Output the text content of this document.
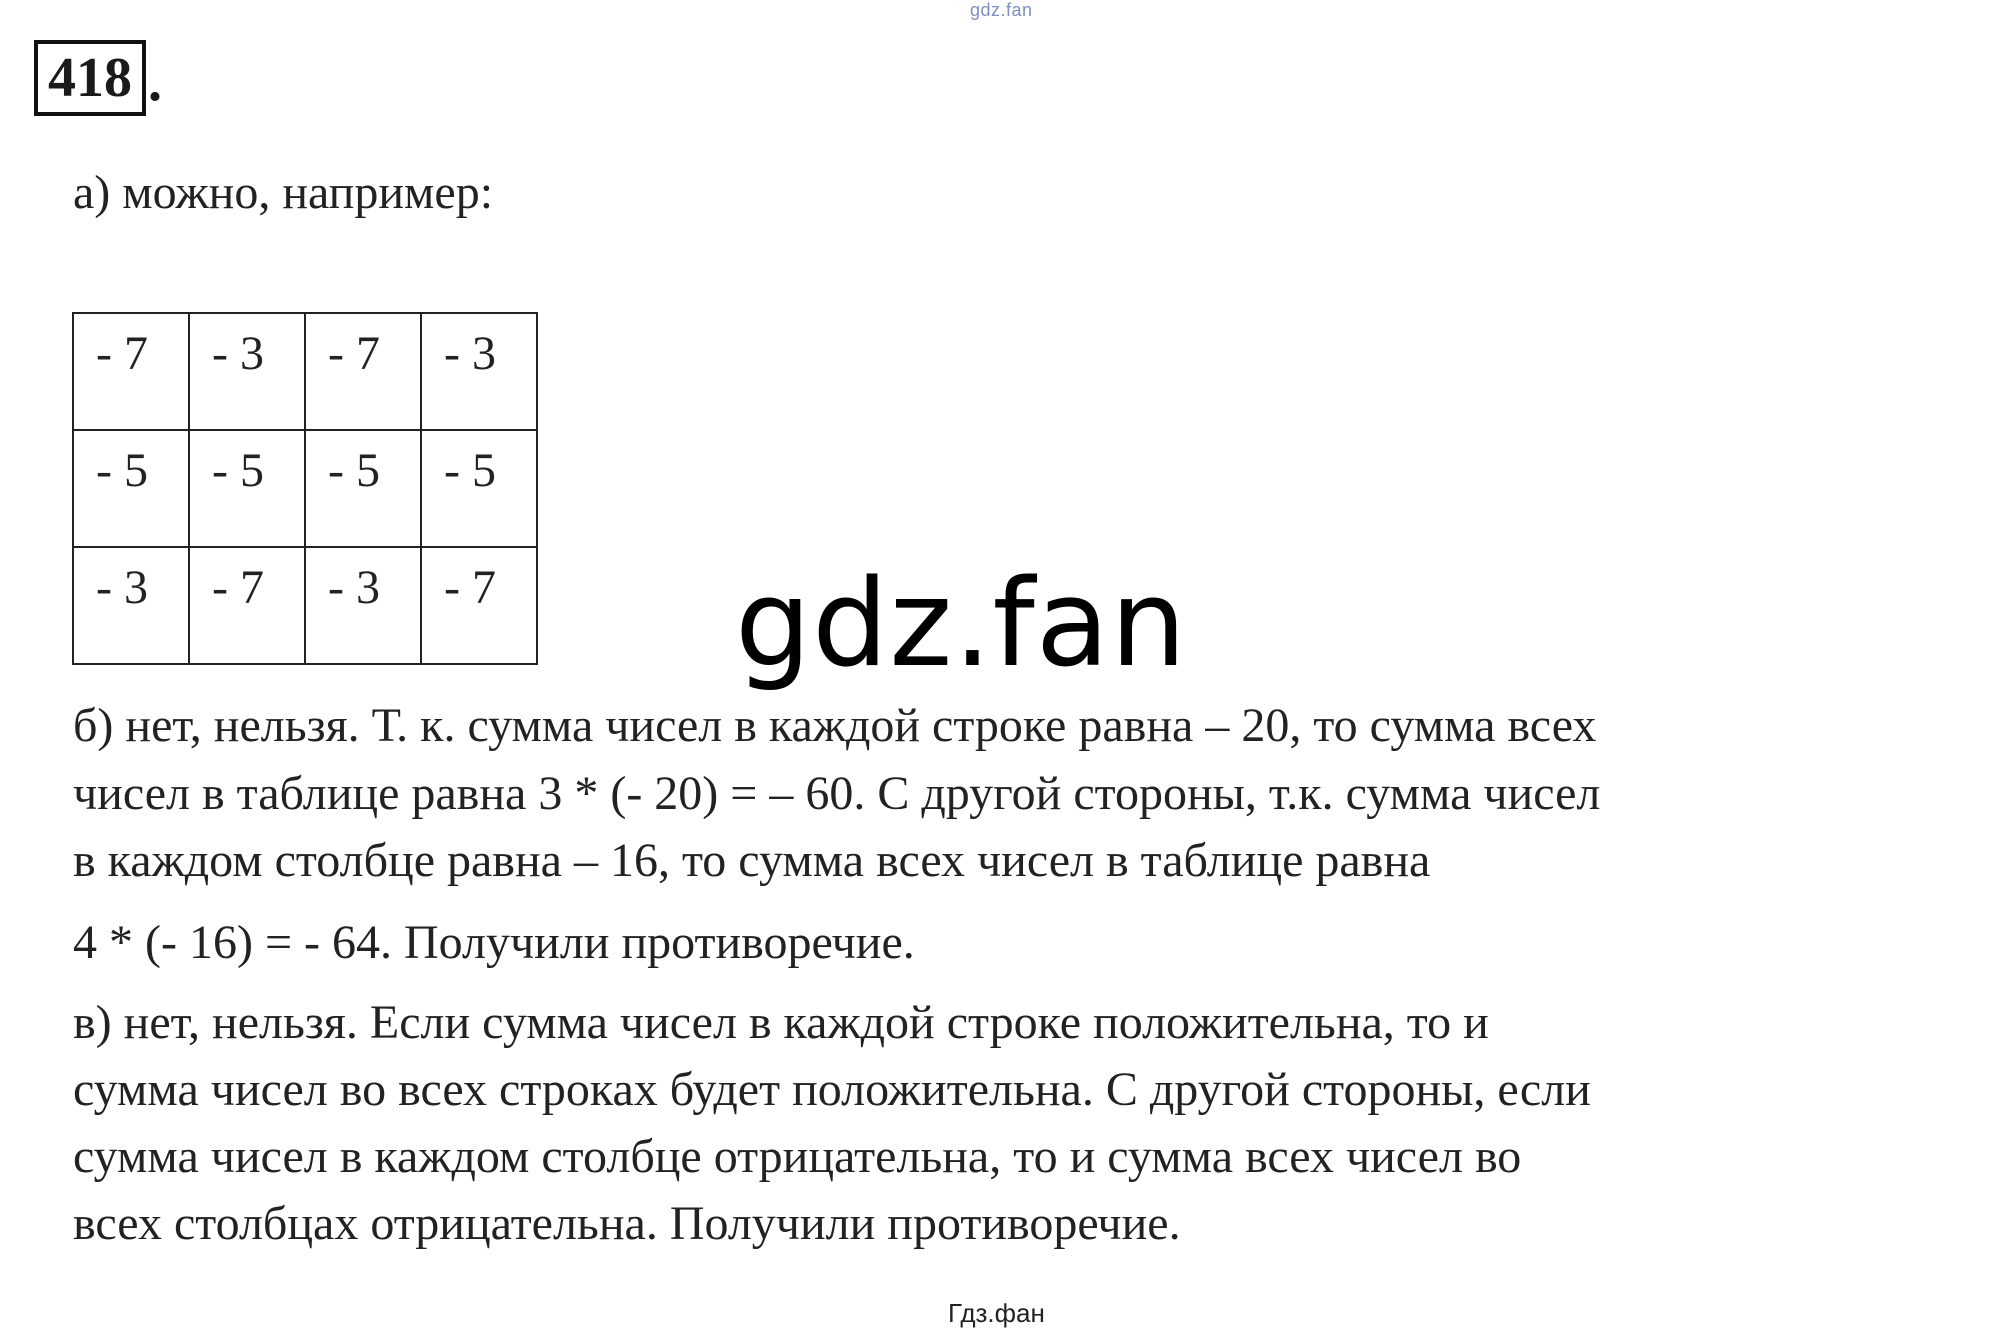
gdz.fan
418 .
а) можно, например:
- 7	- 3	- 7	- 3
- 5	- 5	- 5	- 5
- 3	- 7	- 3	- 7 gdz.fan
б) нет, нельзя. Т. к. сумма чисел в каждой строке равна – 20, то сумма всех
чисел в таблице равна 3 * (- 20) = – 60. С другой стороны, т.к. сумма чисел
в каждом столбце равна – 16, то сумма всех чисел в таблице равна
4 * (- 16) = - 64. Получили противоречие.
в) нет, нельзя. Если сумма чисел в каждой строке положительна, то и
сумма чисел во всех строках будет положительна. С другой стороны, если
сумма чисел в каждом столбце отрицательна, то и сумма всех чисел во
всех столбцах отрицательна. Получили противоречие.
Гдз.фан
